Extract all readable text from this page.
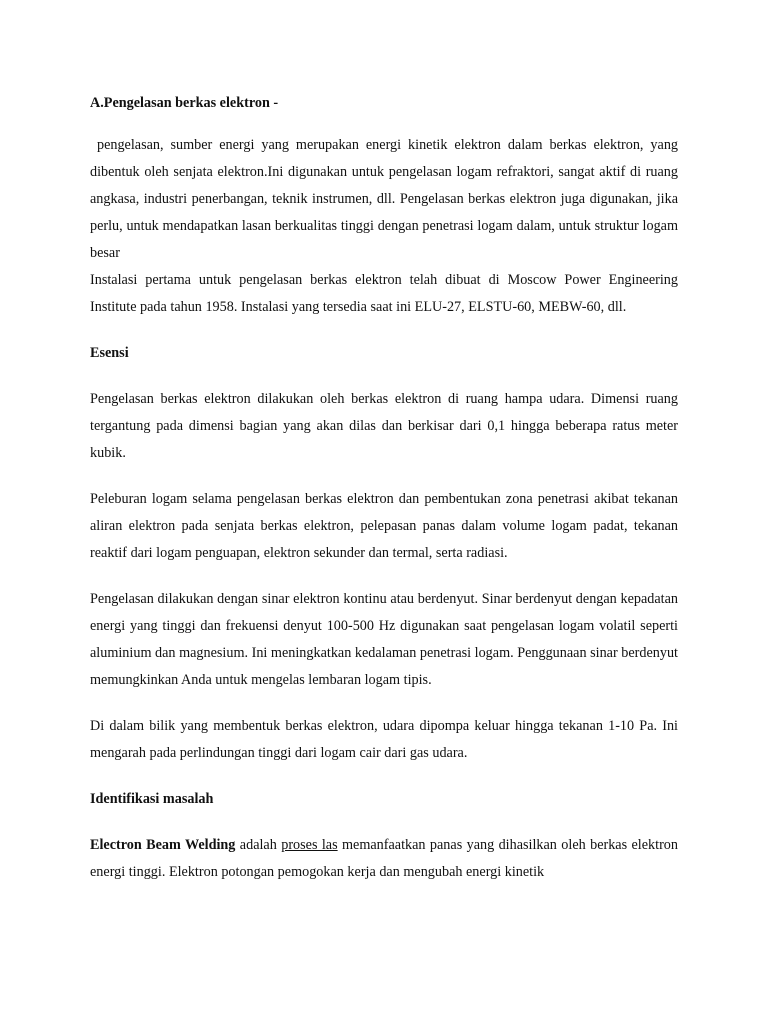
A.Pengelasan berkas elektron -

pengelasan, sumber energi yang merupakan energi kinetik elektron dalam berkas elektron, yang dibentuk oleh senjata elektron.Ini digunakan untuk pengelasan logam refraktori, sangat aktif di ruang angkasa, industri penerbangan, teknik instrumen, dll. Pengelasan berkas elektron juga digunakan, jika perlu, untuk mendapatkan lasan berkualitas tinggi dengan penetrasi logam dalam, untuk struktur logam besar

Instalasi pertama untuk pengelasan berkas elektron telah dibuat di Moscow Power Engineering Institute pada tahun 1958. Instalasi yang tersedia saat ini ELU-27, ELSTU-60, MEBW-60, dll.

Esensi

Pengelasan berkas elektron dilakukan oleh berkas elektron di ruang hampa udara. Dimensi ruang tergantung pada dimensi bagian yang akan dilas dan berkisar dari 0,1 hingga beberapa ratus meter kubik.

Peleburan logam selama pengelasan berkas elektron dan pembentukan zona penetrasi akibat tekanan aliran elektron pada senjata berkas elektron, pelepasan panas dalam volume logam padat, tekanan reaktif dari logam penguapan, elektron sekunder dan termal, serta radiasi.

Pengelasan dilakukan dengan sinar elektron kontinu atau berdenyut. Sinar berdenyut dengan kepadatan energi yang tinggi dan frekuensi denyut 100-500 Hz digunakan saat pengelasan logam volatil seperti aluminium dan magnesium. Ini meningkatkan kedalaman penetrasi logam. Penggunaan sinar berdenyut memungkinkan Anda untuk mengelas lembaran logam tipis.

Di dalam bilik yang membentuk berkas elektron, udara dipompa keluar hingga tekanan 1-10 Pa. Ini mengarah pada perlindungan tinggi dari logam cair dari gas udara.

Identifikasi masalah

Electron Beam Welding adalah proses las memanfaatkan panas yang dihasilkan oleh berkas elektron energi tinggi. Elektron potongan pemogokan kerja dan mengubah energi kinetik
